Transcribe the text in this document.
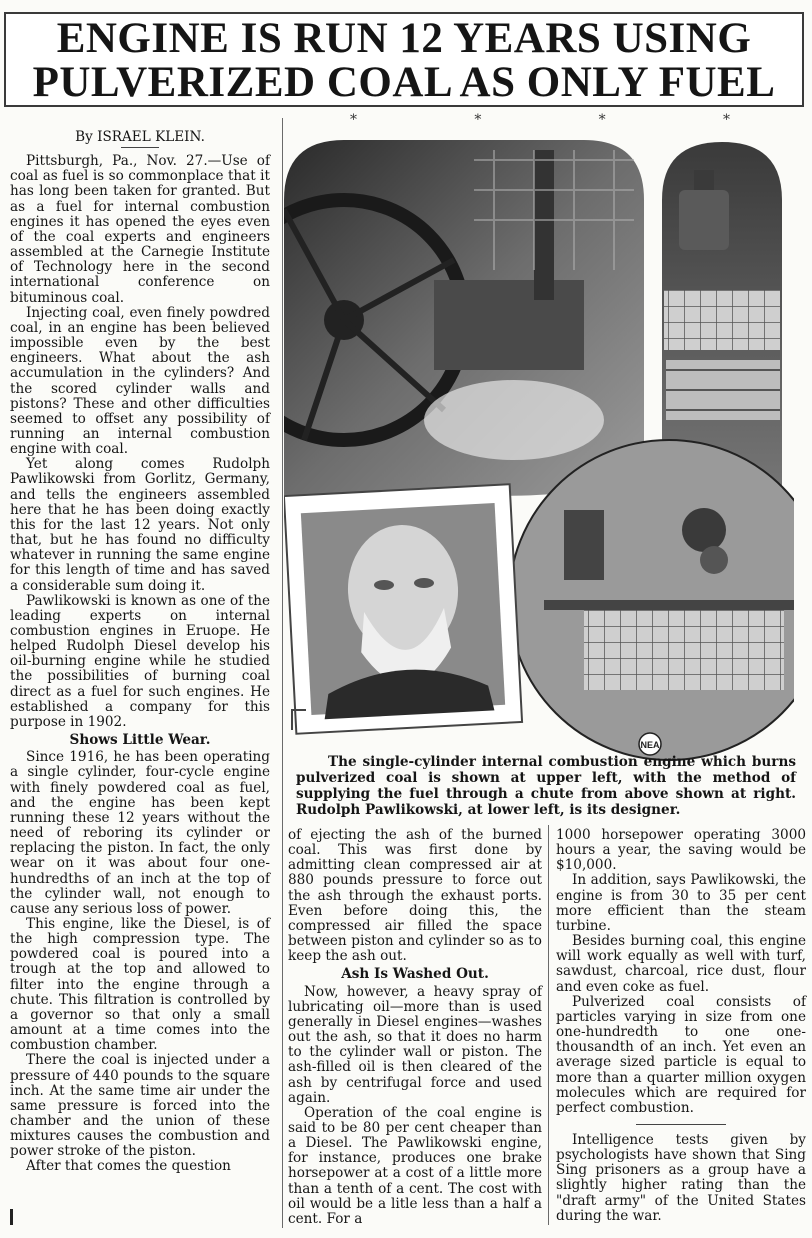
ENGINE IS RUN 12 YEARS USING
PULVERIZED COAL AS ONLY FUEL
*	*	*	*

By ISRAEL KLEIN.

Pittsburgh, Pa., Nov. 27.—Use of coal as fuel is so commonplace that it has long been taken for granted. But as a fuel for internal combustion engines it has opened the eyes even of the coal experts and engineers assembled at the Carnegie Institute of Technology here in the second international conference on bituminous coal.

Injecting coal, even finely powdred coal, in an engine has been believed impossible even by the best engineers. What about the ash accumulation in the cylinders? And the scored cylinder walls and pistons? These and other difficulties seemed to offset any possibility of running an internal combustion engine with coal.

Yet along comes Rudolph Pawlikowski from Gorlitz, Germany, and tells the engineers assembled here that he has been doing exactly this for the last 12 years. Not only that, but he has found no difficulty whatever in running the same engine for this length of time and has saved a considerable sum doing it.

Pawlikowski is known as one of the leading experts on internal combustion engines in Eruope. He helped Rudolph Diesel develop his oil-burning engine while he studied the possibilities of burning coal direct as a fuel for such engines. He established a company for this purpose in 1902.

Shows Little Wear.

Since 1916, he has been operating a single cylinder, four-cycle engine with finely powdered coal as fuel, and the engine has been kept running these 12 years without the need of reboring its cylinder or replacing the piston. In fact, the only wear on it was about four one-hundredths of an inch at the top of the cylinder wall, not enough to cause any serious loss of power.

This engine, like the Diesel, is of the high compression type. The powdered coal is poured into a trough at the top and allowed to filter into the engine through a chute. This filtration is controlled by a governor so that only a small amount at a time comes into the combustion chamber.

There the coal is injected under a pressure of 440 pounds to the square inch. At the same time air under the same pressure is forced into the chamber and the union of these mixtures causes the combustion and power stroke of the piston.

After that comes the question

NEA

The single-cylinder internal combustion engine which burns pulverized coal is shown at upper left, with the method of supplying the fuel through a chute from above shown at right. Rudolph Pawlikowski, at lower left, is its designer.

of ejecting the ash of the burned coal. This was first done by admitting clean compressed air at 880 pounds pressure to force out the ash through the exhaust ports. Even before doing this, the compressed air filled the space between piston and cylinder so as to keep the ash out.

Ash Is Washed Out.

Now, however, a heavy spray of lubricating oil—more than is used generally in Diesel engines—washes out the ash, so that it does no harm to the cylinder wall or piston. The ash-filled oil is then cleared of the ash by centrifugal force and used again.

Operation of the coal engine is said to be 80 per cent cheaper than a Diesel. The Pawlikowski engine, for instance, produces one brake horsepower at a cost of a little more than a tenth of a cent. The cost with oil would be a litle less than a half a cent. For a

1000 horsepower operating 3000 hours a year, the saving would be $10,000.

In addition, says Pawlikowski, the engine is from 30 to 35 per cent more efficient than the steam turbine.

Besides burning coal, this engine will work equally as well with turf, sawdust, charcoal, rice dust, flour and even coke as fuel.

Pulverized coal consists of particles varying in size from one one-hundredth to one one-thousandth of an inch. Yet even an average sized particle is equal to more than a quarter million oxygen molecules which are required for perfect combustion.

Intelligence tests given by psychologists have shown that Sing Sing prisoners as a group have a slightly higher rating than the "draft army" of the United States during the war.
